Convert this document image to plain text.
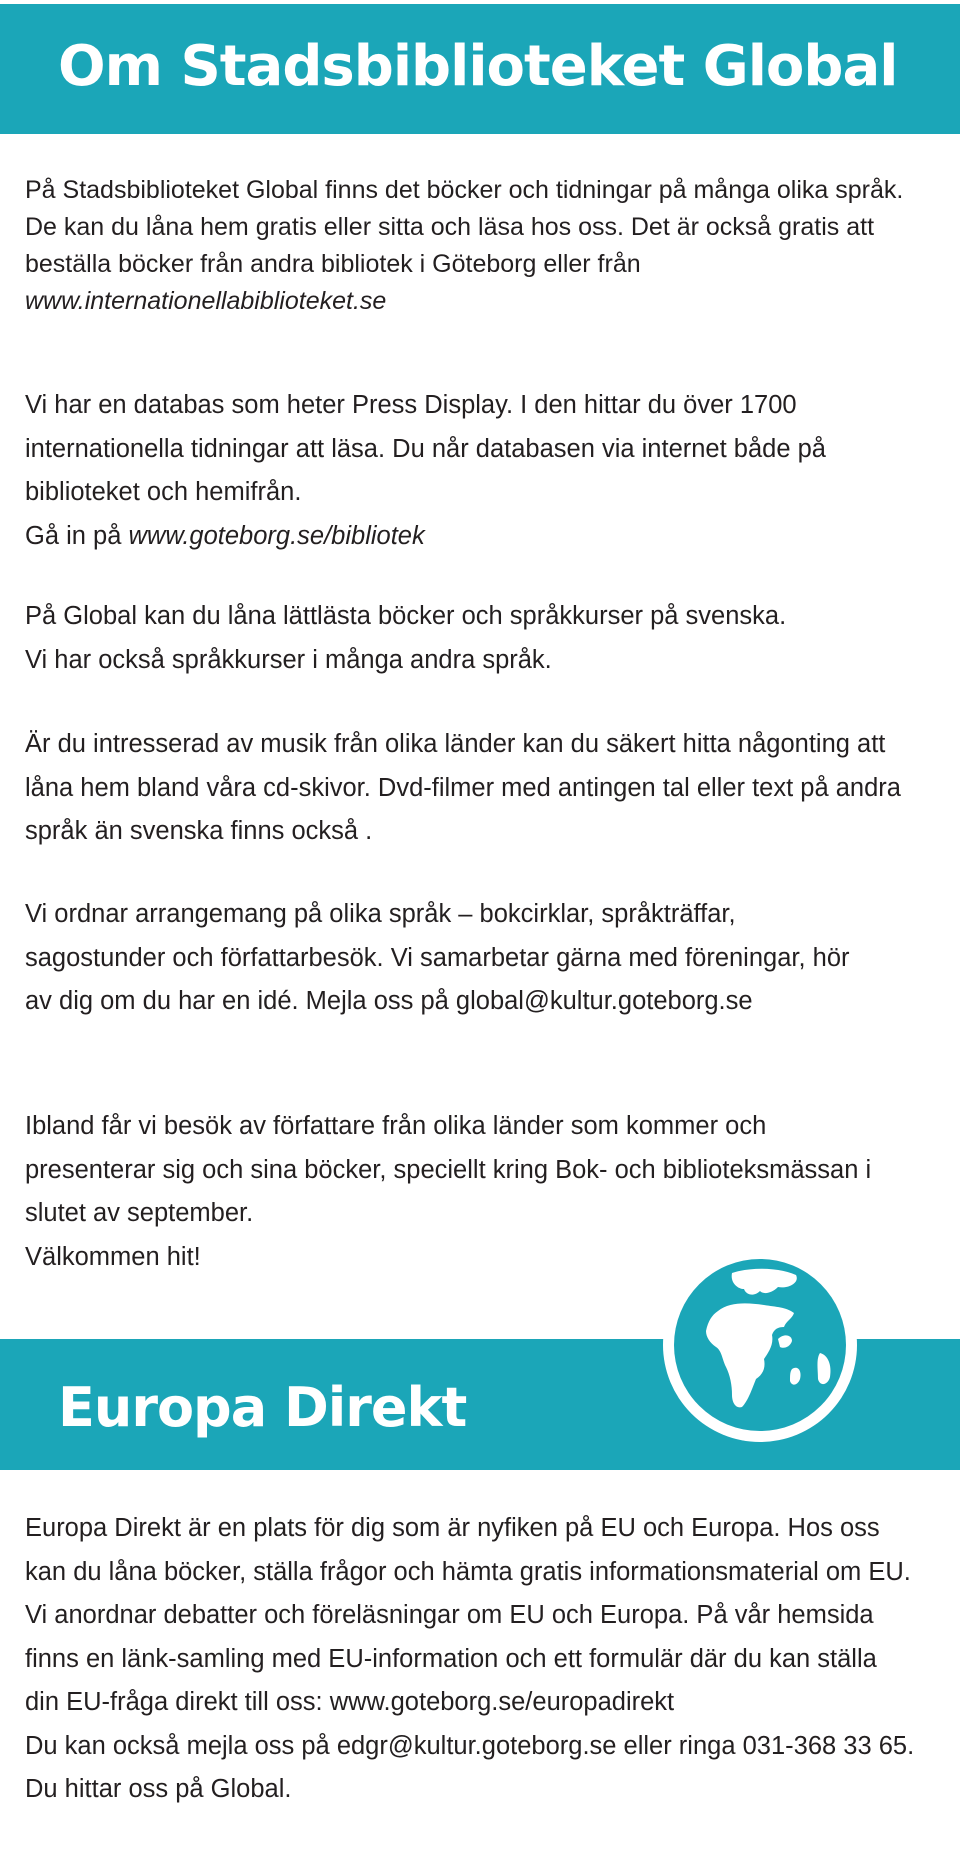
Om Stadsbiblioteket Global

På Stadsbiblioteket Global finns det böcker och tidningar på många olika språk. De kan du låna hem gratis eller sitta och läsa hos oss. Det är också gratis att beställa böcker från andra bibliotek i Göteborg eller från www.internationellabiblioteket.se

Vi har en databas som heter Press Display. I den hittar du över 1700 internationella tidningar att läsa. Du når databasen via internet både på biblioteket och hemifrån.
Gå in på www.goteborg.se/bibliotek

På Global kan du låna lättlästa böcker och språkkurser på svenska.
Vi har också språkkurser i många andra språk.

Är du intresserad av musik från olika länder kan du säkert hitta någonting att låna hem bland våra cd-skivor. Dvd-filmer med antingen tal eller text på andra språk än svenska finns också .

Vi ordnar arrangemang på olika språk – bokcirklar, språkträffar, sagostunder och författarbesök. Vi samarbetar gärna med föreningar, hör av dig om du har en idé. Mejla oss på global@kultur.goteborg.se

Ibland får vi besök av författare från olika länder som kommer och presenterar sig och sina böcker, speciellt kring Bok- och biblioteksmässan i slutet av september.
Välkommen hit!

Europa Direkt

Europa Direkt är en plats för dig som är nyfiken på EU och Europa. Hos oss kan du låna böcker, ställa frågor och hämta gratis informationsmaterial om EU. Vi anordnar debatter och föreläsningar om EU och Europa. På vår hemsida finns en länk-samling med EU-information och ett formulär där du kan ställa din EU-fråga direkt till oss: www.goteborg.se/europadirekt
Du kan också mejla oss på edgr@kultur.goteborg.se eller ringa 031-368 33 65. Du hittar oss på Global.
